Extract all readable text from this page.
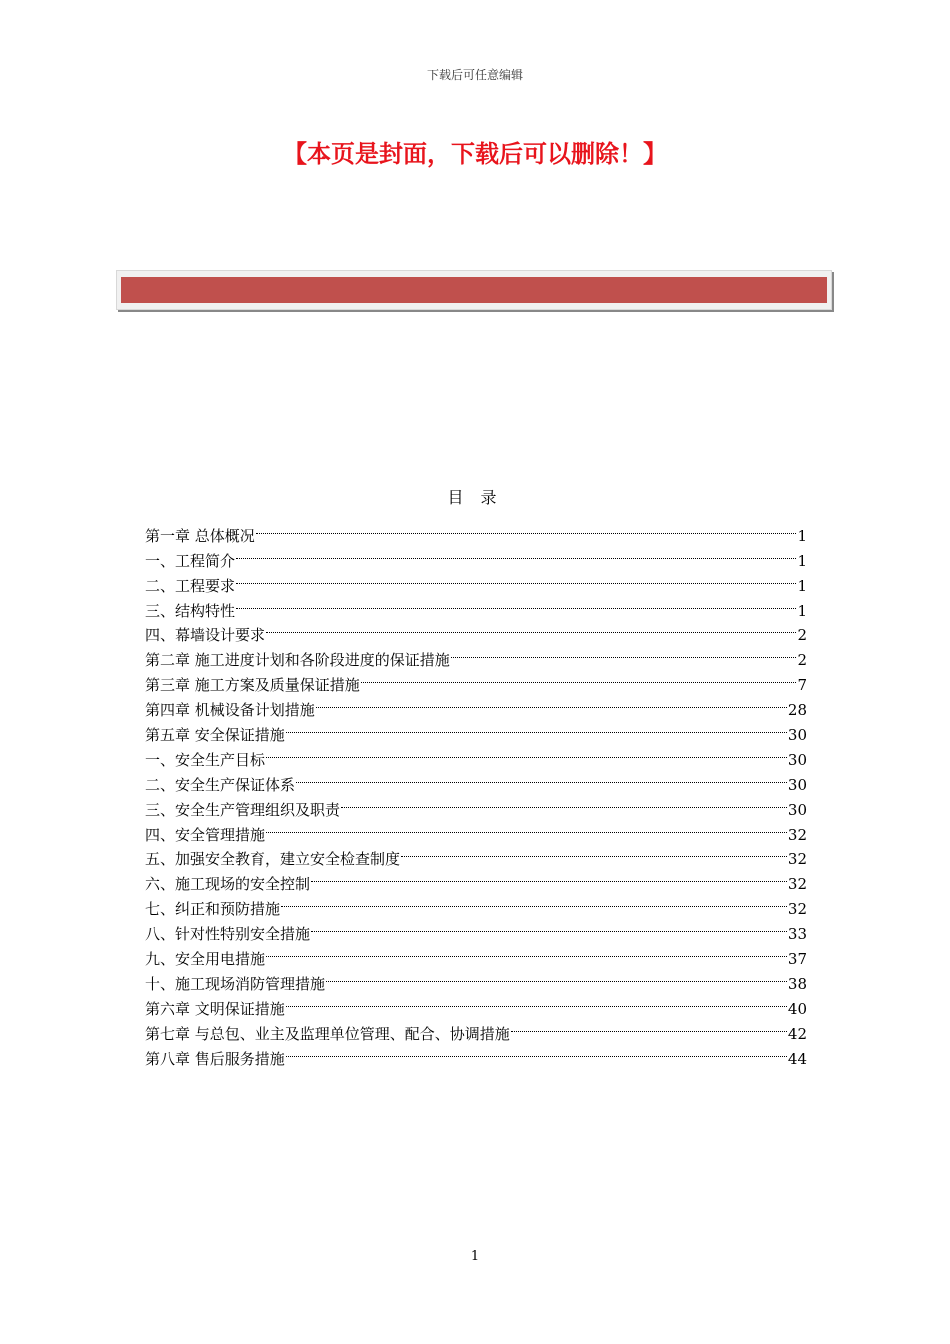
下载后可任意编辑
【本页是封面，下载后可以删除！】
目 录
第一章 总体概况	1
一、工程简介	1
二、工程要求	1
三、结构特性	1
四、幕墙设计要求	2
第二章 施工进度计划和各阶段进度的保证措施	2
第三章 施工方案及质量保证措施	7
第四章 机械设备计划措施	28
第五章 安全保证措施	30
一、安全生产目标	30
二、安全生产保证体系	30
三、安全生产管理组织及职责	30
四、安全管理措施	32
五、加强安全教育，建立安全检查制度	32
六、施工现场的安全控制	32
七、纠正和预防措施	32
八、针对性特别安全措施	33
九、安全用电措施	37
十、施工现场消防管理措施	38
第六章 文明保证措施	40
第七章 与总包、业主及监理单位管理、配合、协调措施	42
第八章 售后服务措施	44
1
